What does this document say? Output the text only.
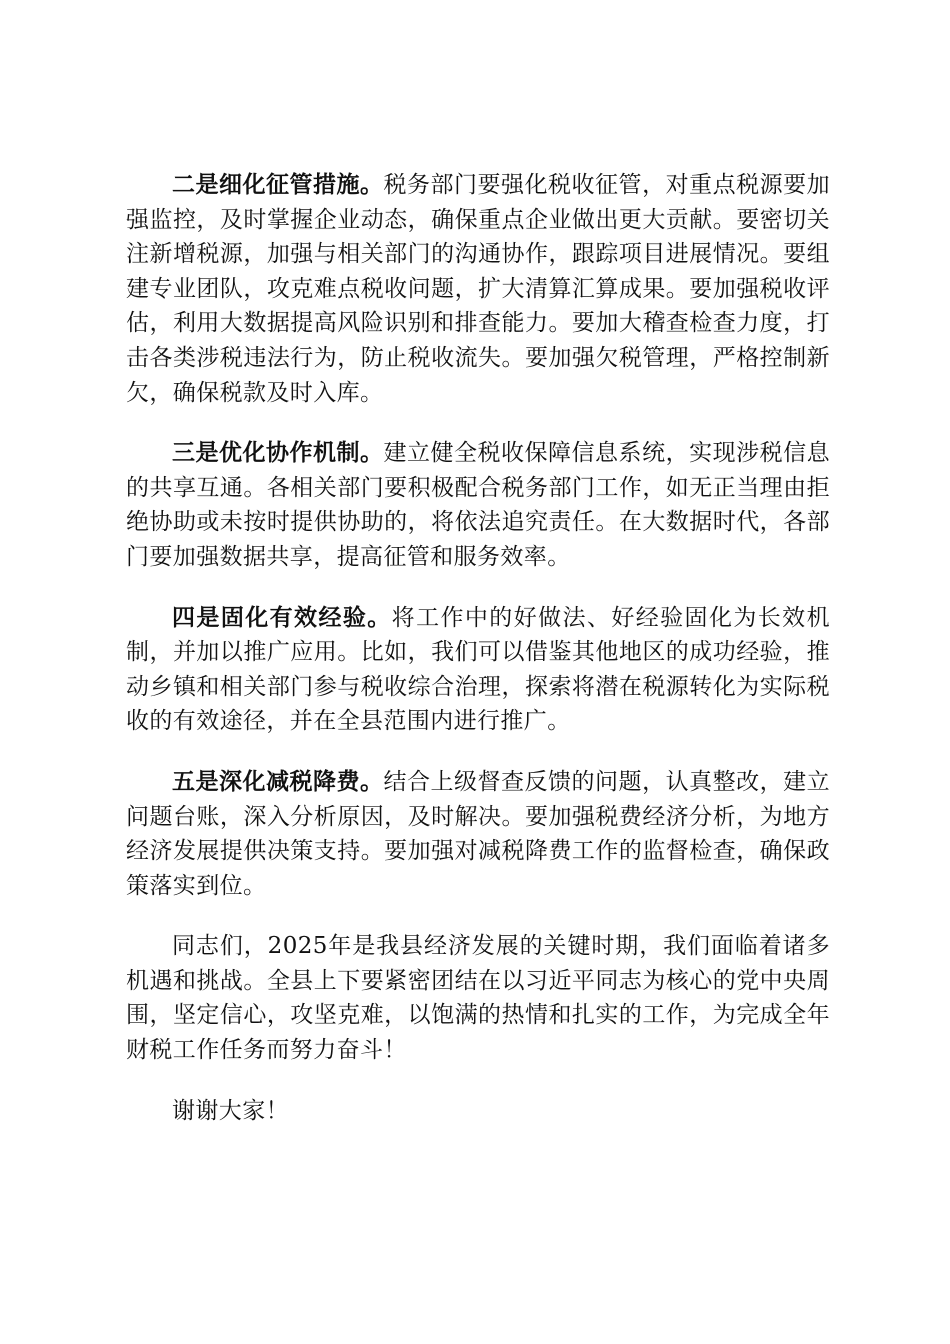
二是细化征管措施。税务部门要强化税收征管，对重点税源要加强监控，及时掌握企业动态，确保重点企业做出更大贡献。要密切关注新增税源，加强与相关部门的沟通协作，跟踪项目进展情况。要组建专业团队，攻克难点税收问题，扩大清算汇算成果。要加强税收评估，利用大数据提高风险识别和排查能力。要加大稽查检查力度，打击各类涉税违法行为，防止税收流失。要加强欠税管理，严格控制新欠，确保税款及时入库。

三是优化协作机制。建立健全税收保障信息系统，实现涉税信息的共享互通。各相关部门要积极配合税务部门工作，如无正当理由拒绝协助或未按时提供协助的，将依法追究责任。在大数据时代，各部门要加强数据共享，提高征管和服务效率。

四是固化有效经验。将工作中的好做法、好经验固化为长效机制，并加以推广应用。比如，我们可以借鉴其他地区的成功经验，推动乡镇和相关部门参与税收综合治理，探索将潜在税源转化为实际税收的有效途径，并在全县范围内进行推广。

五是深化减税降费。结合上级督查反馈的问题，认真整改，建立问题台账，深入分析原因，及时解决。要加强税费经济分析，为地方经济发展提供决策支持。要加强对减税降费工作的监督检查，确保政策落实到位。

同志们，2025年是我县经济发展的关键时期，我们面临着诸多机遇和挑战。全县上下要紧密团结在以习近平同志为核心的党中央周围，坚定信心，攻坚克难，以饱满的热情和扎实的工作，为完成全年财税工作任务而努力奋斗！

谢谢大家！
